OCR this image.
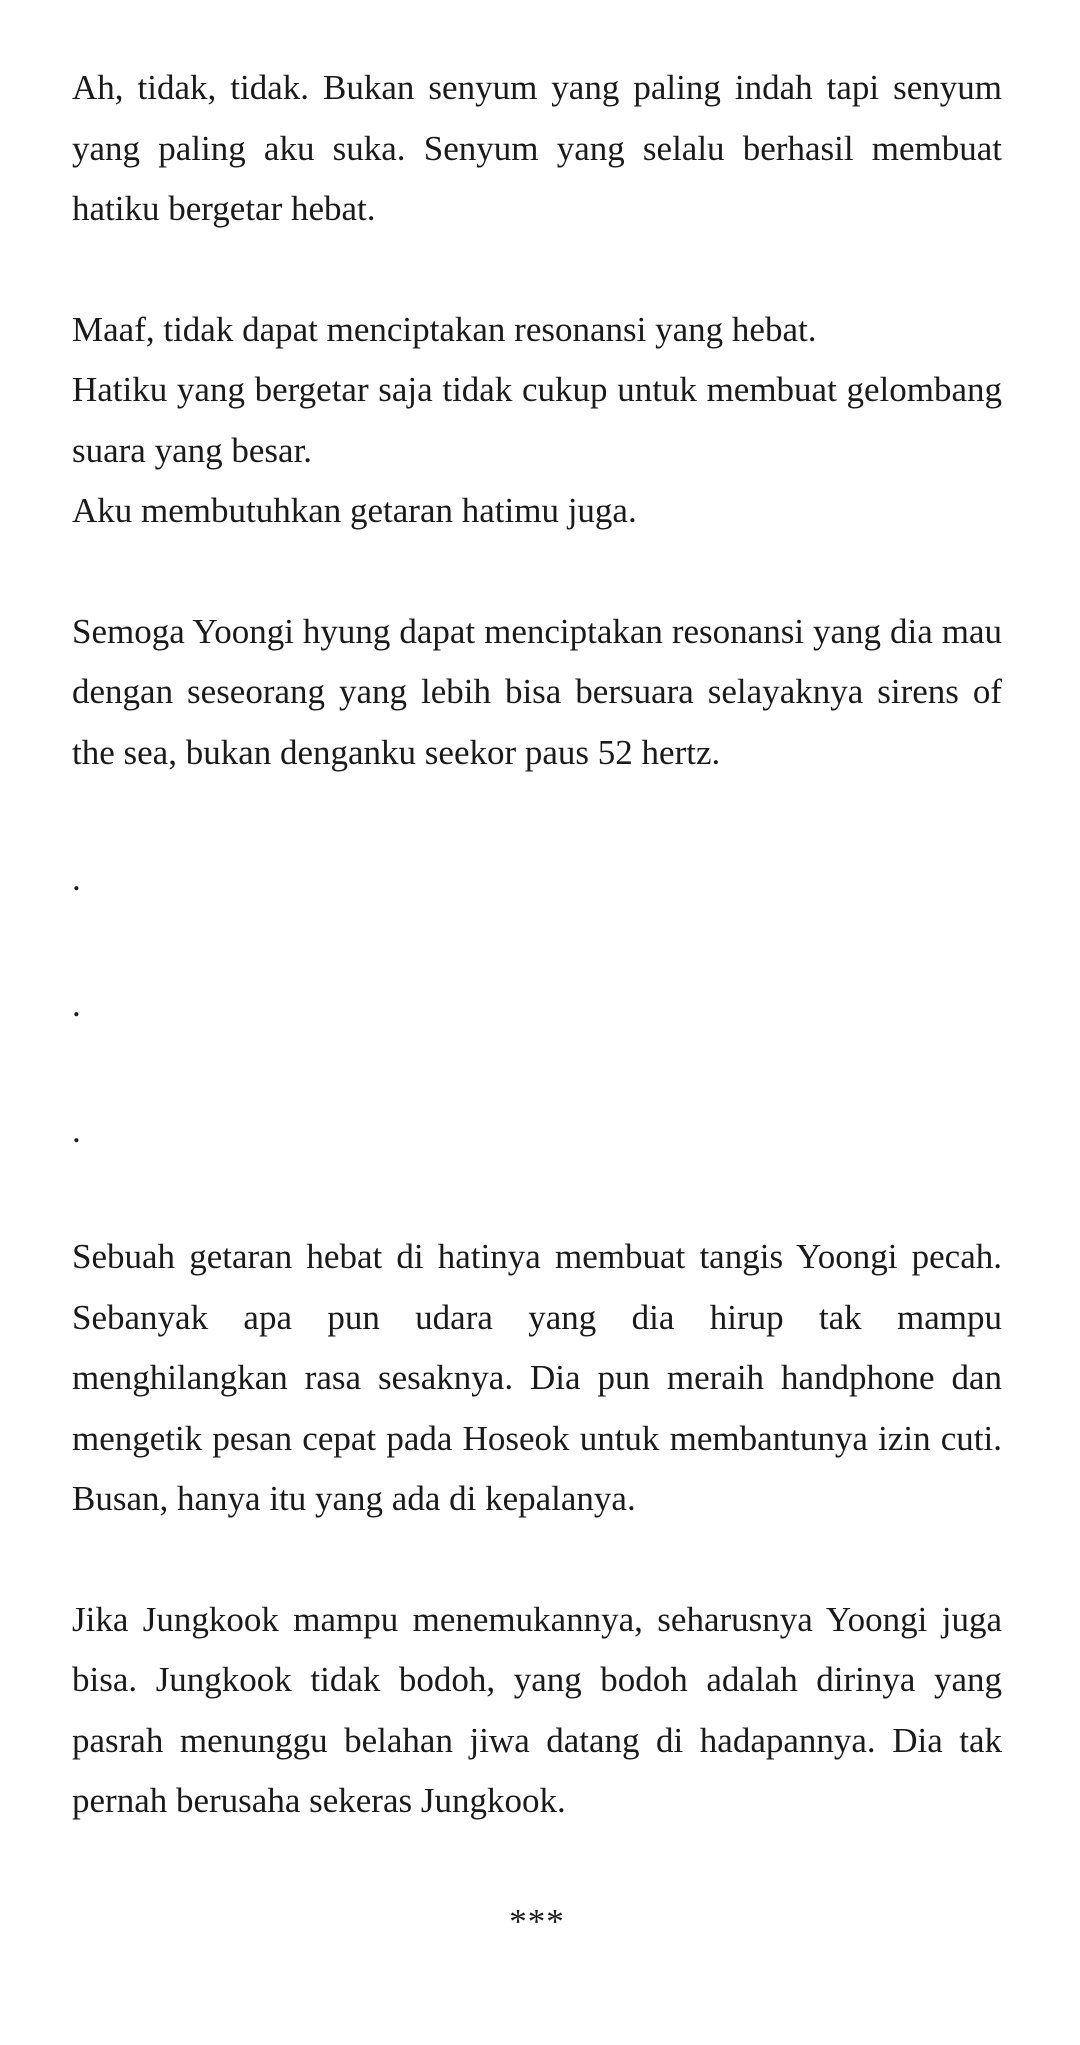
Ah, tidak, tidak. Bukan senyum yang paling indah tapi senyum yang paling aku suka. Senyum yang selalu berhasil membuat hatiku bergetar hebat.

Maaf, tidak dapat menciptakan resonansi yang hebat.

Hatiku yang bergetar saja tidak cukup untuk membuat gelombang suara yang besar.

Aku membutuhkan getaran hatimu juga.

Semoga Yoongi hyung dapat menciptakan resonansi yang dia mau dengan seseorang yang lebih bisa bersuara selayaknya sirens of the sea, bukan denganku seekor paus 52 hertz.

.

.

.

Sebuah getaran hebat di hatinya membuat tangis Yoongi pecah. Sebanyak apa pun udara yang dia hirup tak mampu menghilangkan rasa sesaknya. Dia pun meraih handphone dan mengetik pesan cepat pada Hoseok untuk membantunya izin cuti. Busan, hanya itu yang ada di kepalanya.

Jika Jungkook mampu menemukannya, seharusnya Yoongi juga bisa. Jungkook tidak bodoh, yang bodoh adalah dirinya yang pasrah menunggu belahan jiwa datang di hadapannya. Dia tak pernah berusaha sekeras Jungkook.

***
